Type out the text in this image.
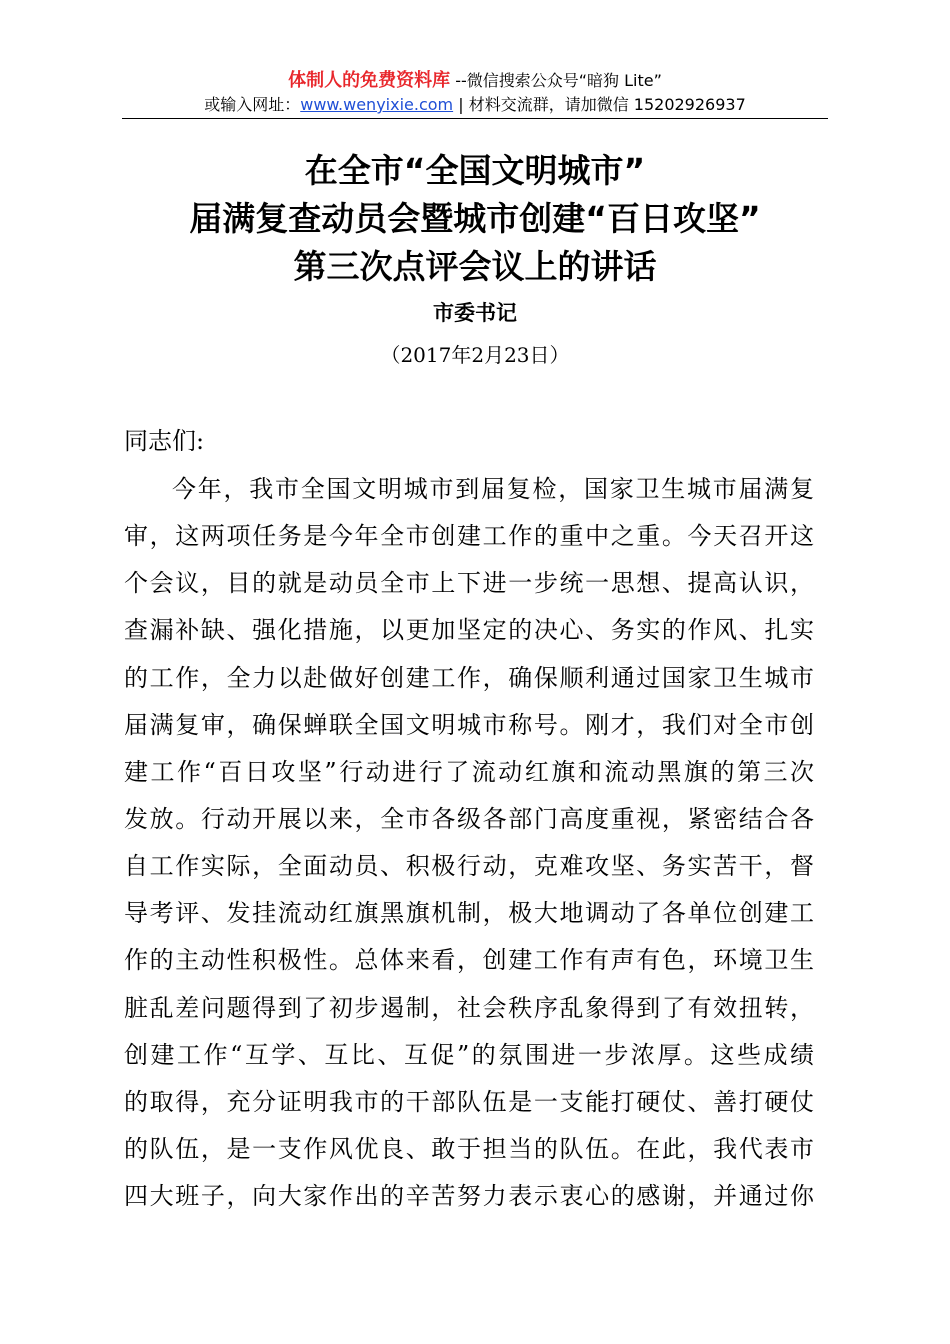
体制人的免费资料库 --微信搜索公众号“暗狗 Lite”
或输入网址：www.wenyixie.com | 材料交流群，请加微信 15202926937
在全市“全国文明城市”
届满复查动员会暨城市创建“百日攻坚”
第三次点评会议上的讲话
市委书记
（2017年2月23日）
同志们:
今年，我市全国文明城市到届复检，国家卫生城市届满复
审，这两项任务是今年全市创建工作的重中之重。今天召开这
个会议，目的就是动员全市上下进一步统一思想、提高认识，
查漏补缺、强化措施，以更加坚定的决心、务实的作风、扎实
的工作，全力以赴做好创建工作，确保顺利通过国家卫生城市
届满复审，确保蝉联全国文明城市称号。刚才，我们对全市创
建工作“百日攻坚”行动进行了流动红旗和流动黑旗的第三次
发放。行动开展以来，全市各级各部门高度重视，紧密结合各
自工作实际，全面动员、积极行动，克难攻坚、务实苦干，督
导考评、发挂流动红旗黑旗机制，极大地调动了各单位创建工
作的主动性积极性。总体来看，创建工作有声有色，环境卫生
脏乱差问题得到了初步遏制，社会秩序乱象得到了有效扭转，
创建工作“互学、互比、互促”的氛围进一步浓厚。这些成绩
的取得，充分证明我市的干部队伍是一支能打硬仗、善打硬仗
的队伍，是一支作风优良、敢于担当的队伍。在此，我代表市
四大班子，向大家作出的辛苦努力表示衷心的感谢，并通过你
